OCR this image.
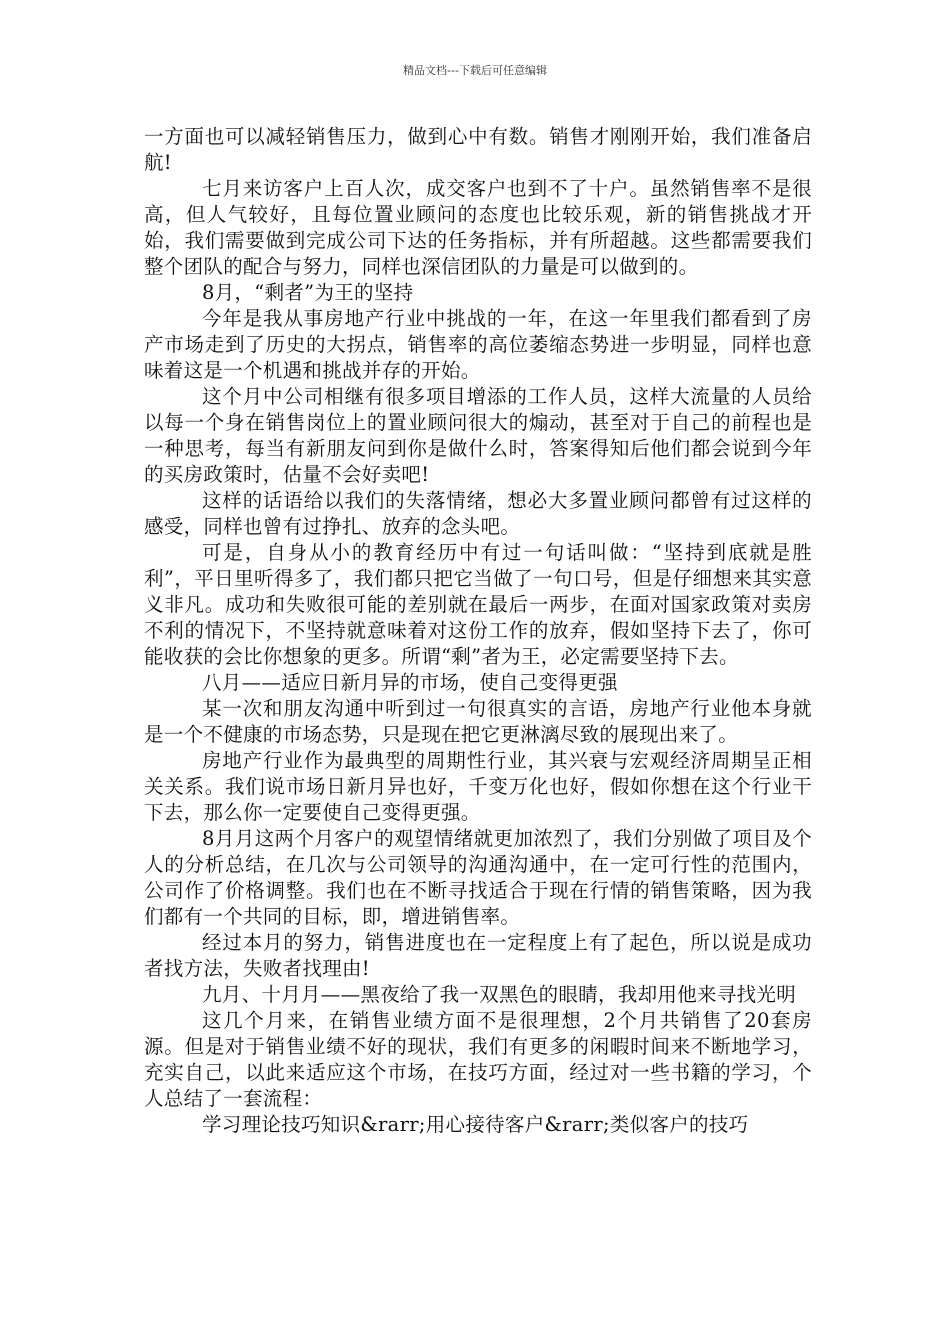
精品文档---下载后可任意编辑

一方面也可以减轻销售压力，做到心中有数。销售才刚刚开始，我们准备启航!

七月来访客户上百人次，成交客户也到不了十户。虽然销售率不是很高，但人气较好，且每位置业顾问的态度也比较乐观，新的销售挑战才开始，我们需要做到完成公司下达的任务指标，并有所超越。这些都需要我们整个团队的配合与努力，同样也深信团队的力量是可以做到的。

8月，“剩者”为王的坚持

今年是我从事房地产行业中挑战的一年，在这一年里我们都看到了房产市场走到了历史的大拐点，销售率的高位萎缩态势进一步明显，同样也意味着这是一个机遇和挑战并存的开始。

这个月中公司相继有很多项目增添的工作人员，这样大流量的人员给以每一个身在销售岗位上的置业顾问很大的煽动，甚至对于自己的前程也是一种思考，每当有新朋友问到你是做什么时，答案得知后他们都会说到今年的买房政策时，估量不会好卖吧!

这样的话语给以我们的失落情绪，想必大多置业顾问都曾有过这样的感受，同样也曾有过挣扎、放弃的念头吧。

可是，自身从小的教育经历中有过一句话叫做：“坚持到底就是胜利”，平日里听得多了，我们都只把它当做了一句口号，但是仔细想来其实意义非凡。成功和失败很可能的差别就在最后一两步，在面对国家政策对卖房不利的情况下，不坚持就意味着对这份工作的放弃，假如坚持下去了，你可能收获的会比你想象的更多。所谓“剩”者为王，必定需要坚持下去。

八月——适应日新月异的市场，使自己变得更强

某一次和朋友沟通中听到过一句很真实的言语，房地产行业他本身就是一个不健康的市场态势，只是现在把它更淋漓尽致的展现出来了。

房地产行业作为最典型的周期性行业，其兴衰与宏观经济周期呈正相关关系。我们说市场日新月异也好，千变万化也好，假如你想在这个行业干下去，那么你一定要使自己变得更强。

8月月这两个月客户的观望情绪就更加浓烈了，我们分别做了项目及个人的分析总结，在几次与公司领导的沟通沟通中，在一定可行性的范围内，公司作了价格调整。我们也在不断寻找适合于现在行情的销售策略，因为我们都有一个共同的目标，即，增进销售率。

经过本月的努力，销售进度也在一定程度上有了起色，所以说是成功者找方法，失败者找理由!

九月、十月月——黑夜给了我一双黑色的眼睛，我却用他来寻找光明

这几个月来，在销售业绩方面不是很理想，2个月共销售了20套房源。但是对于销售业绩不好的现状，我们有更多的闲暇时间来不断地学习，充实自己，以此来适应这个市场，在技巧方面，经过对一些书籍的学习，个人总结了一套流程：

学习理论技巧知识&rarr;用心接待客户&rarr;类似客户的技巧
